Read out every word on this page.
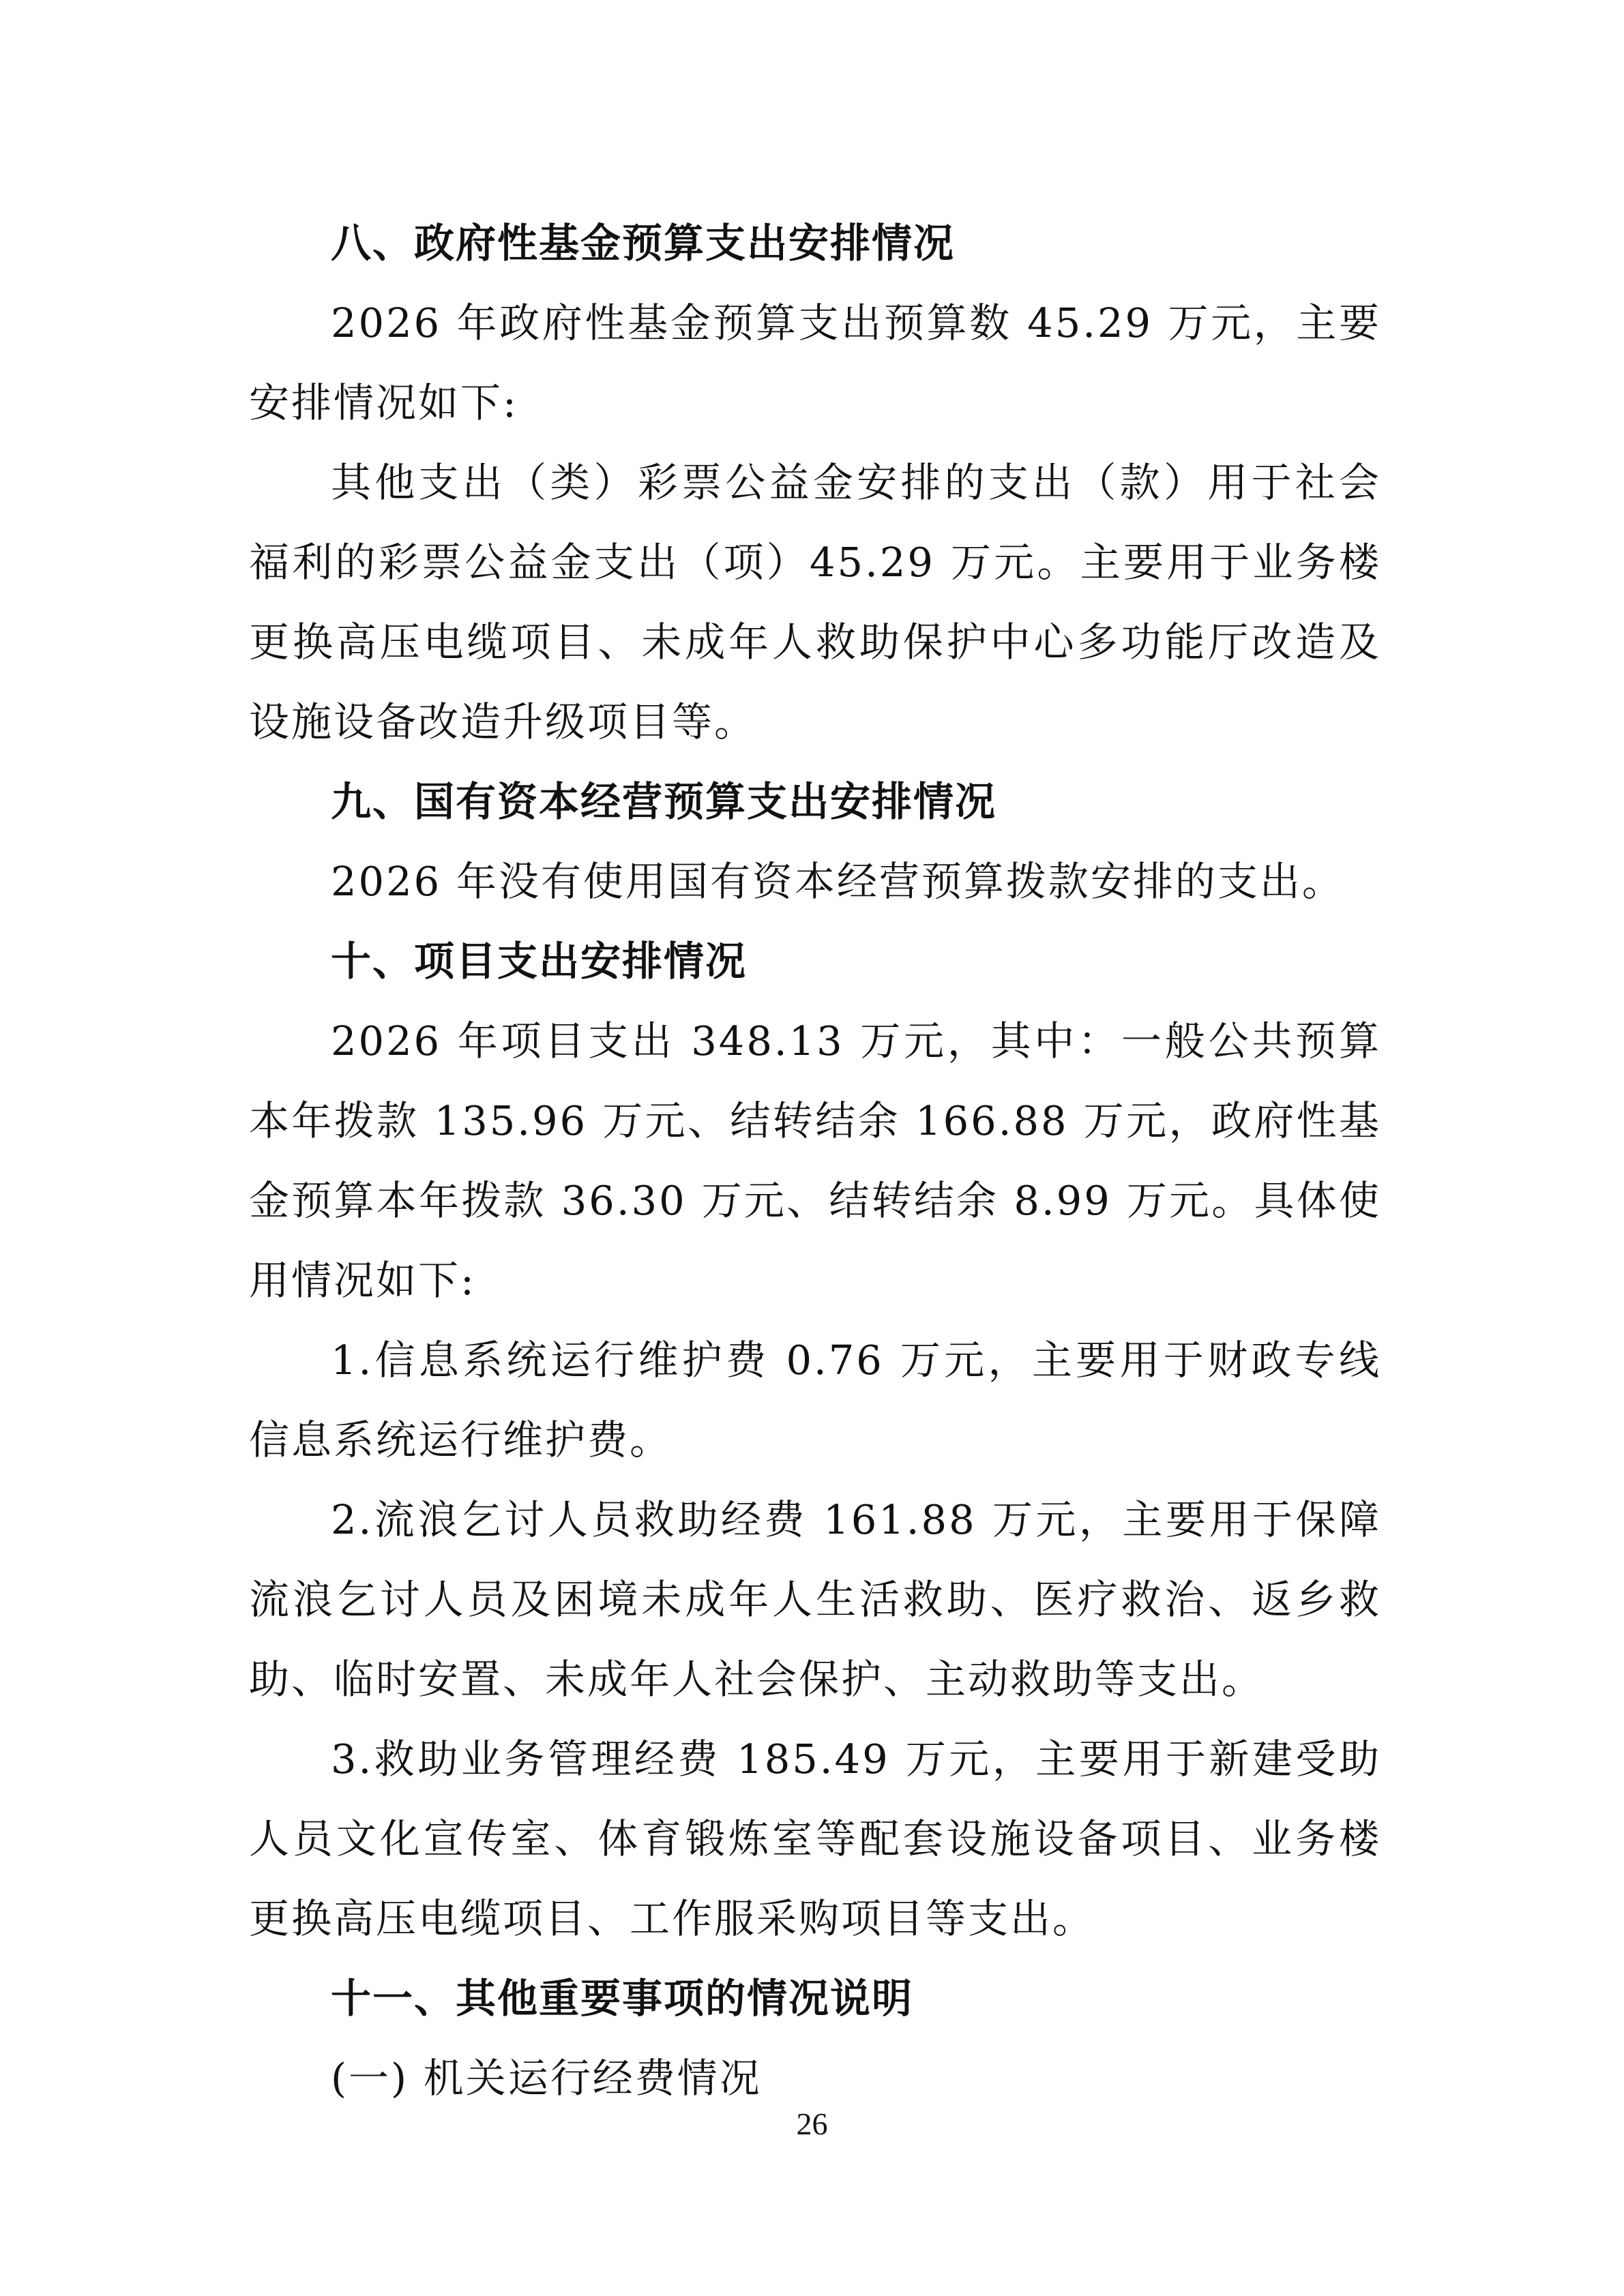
八、政府性基金预算支出安排情况

2026 年政府性基金预算支出预算数 45.29 万元，主要安排情况如下:

其他支出（类）彩票公益金安排的支出（款）用于社会福利的彩票公益金支出（项）45.29 万元。主要用于业务楼更换高压电缆项目、未成年人救助保护中心多功能厅改造及设施设备改造升级项目等。

九、国有资本经营预算支出安排情况

2026 年没有使用国有资本经营预算拨款安排的支出。

十、项目支出安排情况

2026 年项目支出 348.13 万元，其中：一般公共预算本年拨款 135.96 万元、结转结余 166.88 万元，政府性基金预算本年拨款 36.30 万元、结转结余 8.99 万元。具体使用情况如下:

1.信息系统运行维护费 0.76 万元，主要用于财政专线信息系统运行维护费。

2.流浪乞讨人员救助经费 161.88 万元，主要用于保障流浪乞讨人员及困境未成年人生活救助、医疗救治、返乡救助、临时安置、未成年人社会保护、主动救助等支出。

3.救助业务管理经费 185.49 万元，主要用于新建受助人员文化宣传室、体育锻炼室等配套设施设备项目、业务楼更换高压电缆项目、工作服采购项目等支出。

十一、其他重要事项的情况说明

(一) 机关运行经费情况

26
